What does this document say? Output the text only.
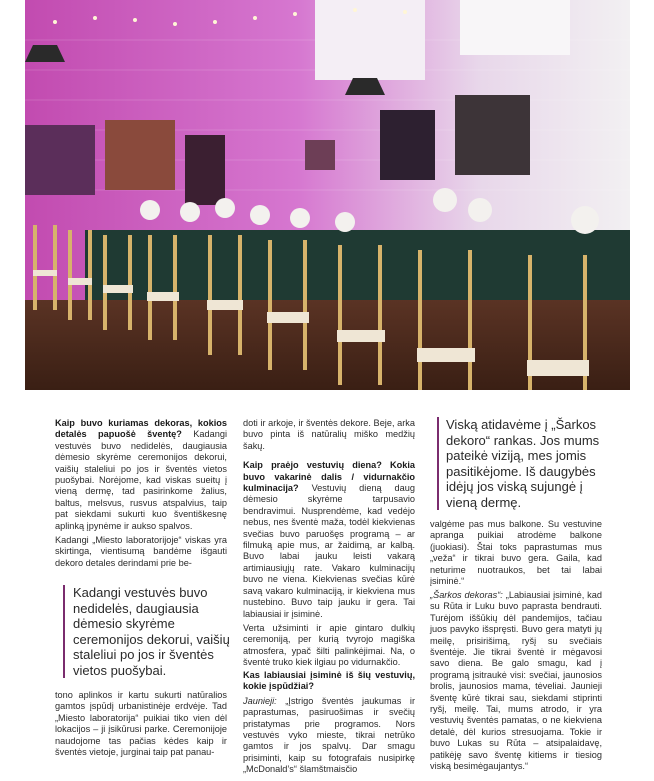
Kaip buvo kuriamas dekoras, kokios detalės papuošė šventę? Kadangi vestuvės buvo nedidelės, daugiausia dėmesio skyrėme ceremonijos dekorui, vaišių staleliui po jos ir šventės vietos puošybai. Norėjome, kad viskas sueitų į vieną dermę, tad pasirinkome žalius, baltus, melsvus, rusvus atspalvius, taip pat siekdami sukurti kuo šventiškesnę aplinką įpynėme ir aukso spalvos.

Kadangi „Miesto laboratorijoje“ viskas yra skirtinga, vientisumą bandėme išgauti dekoro detales derindami prie be-

Kadangi vestuvės buvo nedidelės, daugiausia dėmesio skyrėme ceremonijos dekorui, vaišių staleliui po jos ir šventės vietos puošybai.

tono aplinkos ir kartu sukurti natūralios gamtos įspūdį urbanistinėje erdvėje. Tad „Miesto laboratorija“ puikiai tiko vien dėl lokacijos – ji įsikūrusi parke. Ceremonijoje naudojome tas pačias kėdes kaip ir šventės vietoje, jurginai taip pat panau-

doti ir arkoje, ir šventės dekore. Beje, arka buvo pinta iš natūralių miško medžių šakų.

Kaip praėjo vestuvių diena? Kokia buvo vakarinė dalis / vidurnakčio kulminacija? Vestuvių dieną daug dėmesio skyrėme tarpusavio bendravimui. Nusprendėme, kad vedėjo nebus, nes šventė maža, todėl kiekvienas svečias buvo paruošęs programą – ar filmuką apie mus, ar žaidimą, ar kalbą. Buvo labai jauku leisti vakarą artimiausiųjų rate. Vakaro kulminacijų buvo ne viena. Kiekvienas svečias kūrė savą vakaro kulminaciją, ir kiekviena mus nustebino. Buvo taip jauku ir gera. Tai labiausiai ir įsiminė.

Verta užsiminti ir apie gintaro dulkių ceremoniją, per kurią tvyrojo magiška atmosfera, ypač šilti palinkėjimai. Na, o šventė truko kiek ilgiau po vidurnakčio.

Kas labiausiai įsiminė iš šių vestuvių, kokie įspūdžiai?

Jaunieji: „Įstrigo šventės jaukumas ir paprastumas, pasiruošimas ir svečių pristatymas prie programos. Nors vestuvės vyko mieste, tikrai netrūko gamtos ir jos spalvų. Dar smagu prisiminti, kaip su fotografais nusipirkę „McDonald’s“ šlamštmaisčio

Viską atidavėme į „Šarkos dekoro“ rankas. Jos mums pateikė viziją, mes jomis pasitikėjome. Iš daugybės idėjų jos viską sujungė į vieną dermę.

valgėme pas mus balkone. Su vestuvine apranga puikiai atrodėme balkone (juokiasi). Štai toks paprastumas mus „veža“ ir tikrai buvo gera. Gaila, kad neturime nuotraukos, bet tai labai įsiminė.“

„Šarkos dekoras“: „Labiausiai įsiminė, kad su Rūta ir Luku buvo paprasta bendrauti. Turėjom iššūkių dėl pandemijos, tačiau juos pavyko išspręsti. Buvo gera matyti jų meilę, prisirišimą, ryšį su svečiais šventėje. Jie tikrai šventė ir mėgavosi savo diena. Be galo smagu, kad į programą įsitraukė visi: svečiai, jaunosios brolis, jaunosios mama, tėveliai. Jaunieji šventę kūrė tikrai sau, siekdami stiprinti ryšį, meilę. Tai, mums atrodo, ir yra vestuvių šventės pamatas, o ne kiekviena detalė, dėl kurios stresuojama. Tokie ir buvo Lukas su Rūta – atsipalaidavę, patikėję savo šventę kitiems ir tiesiog viską besimėgaujantys.“
